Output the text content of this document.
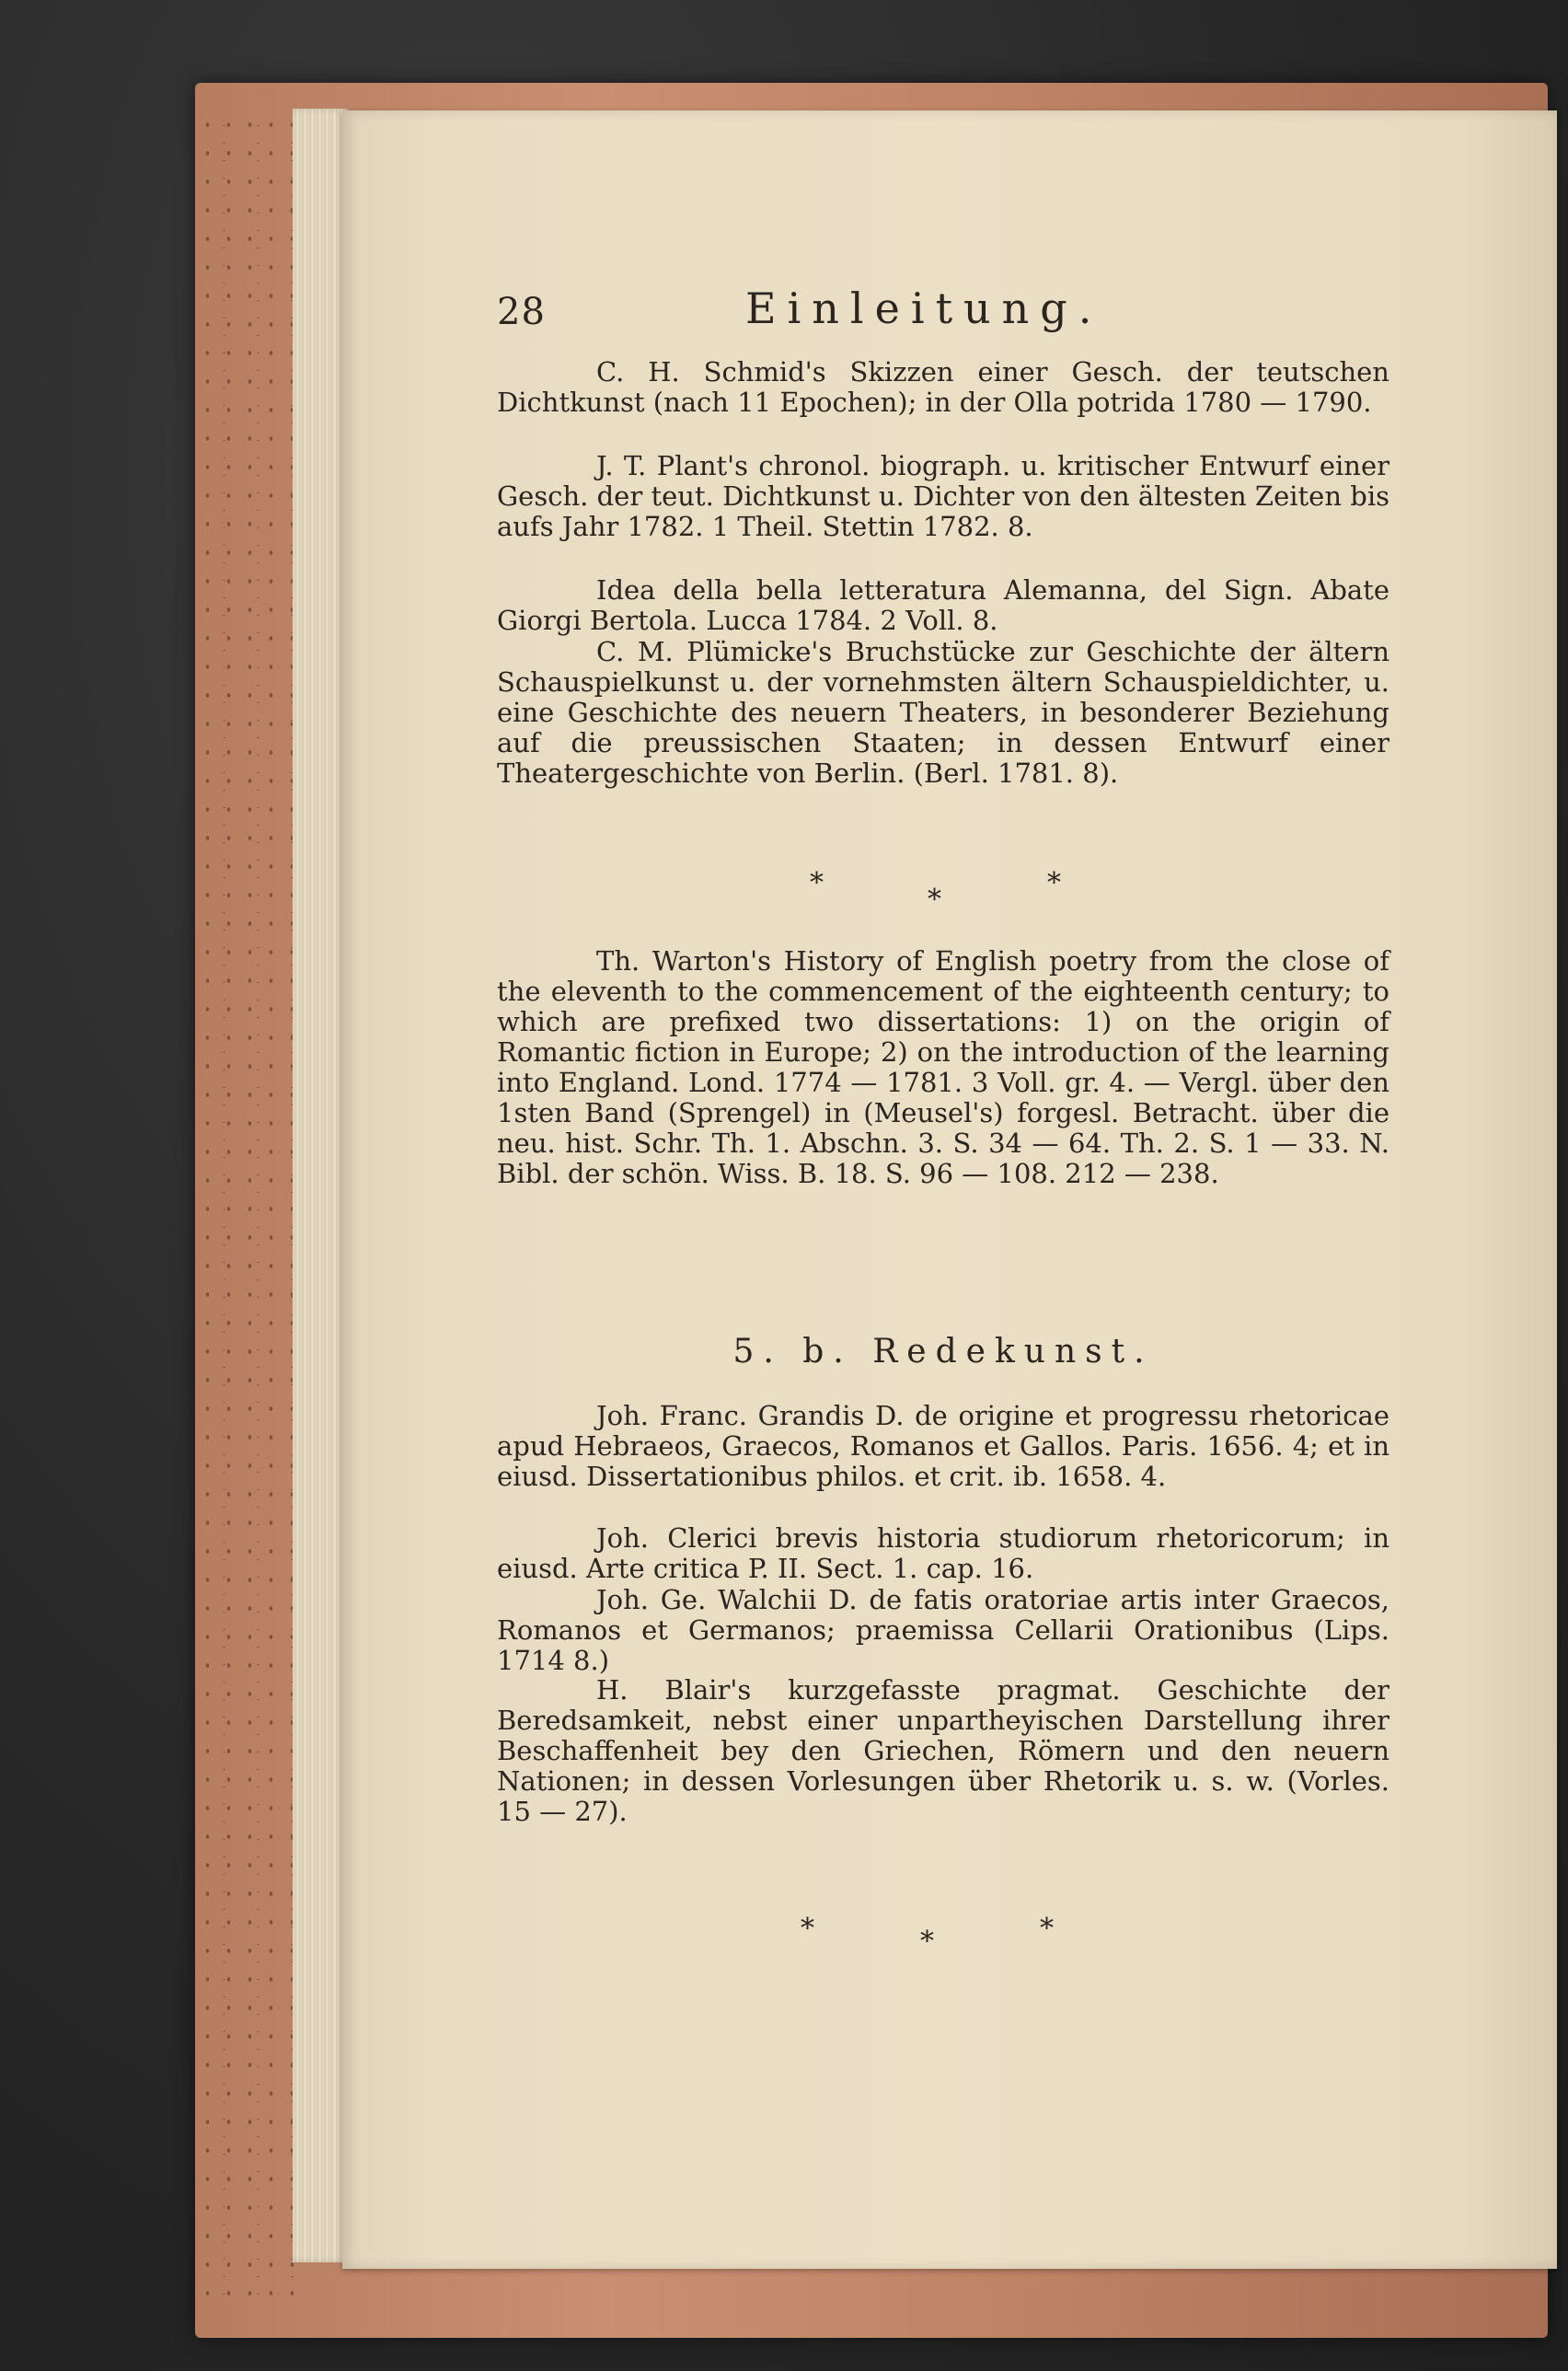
28	Einleitung.

C. H. Schmid's Skizzen einer Gesch. der teutschen Dichtkunst (nach 11 Epochen); in der Olla potrida 1780 — 1790.

J. T. Plant's chronol. biograph. u. kritischer Entwurf einer Gesch. der teut. Dichtkunst u. Dichter von den ältesten Zeiten bis aufs Jahr 1782. 1 Theil. Stettin 1782. 8.

Idea della bella letteratura Alemanna, del Sign. Abate Giorgi Bertola. Lucca 1784. 2 Voll. 8.

C. M. Plümicke's Bruchstücke zur Geschichte der ältern Schauspielkunst u. der vornehmsten ältern Schauspieldichter, u. eine Geschichte des neuern Theaters, in besonderer Beziehung auf die preussischen Staaten; in dessen Entwurf einer Theatergeschichte von Berlin. (Berl. 1781. 8).

*
*
*

Th. Warton's History of English poetry from the close of the eleventh to the commencement of the eighteenth century; to which are prefixed two dissertations: 1) on the origin of Romantic fiction in Europe; 2) on the introduction of the learning into England. Lond. 1774 — 1781. 3 Voll. gr. 4. — Vergl. über den 1sten Band (Sprengel) in (Meusel's) forgesl. Betracht. über die neu. hist. Schr. Th. 1. Abschn. 3. S. 34 — 64. Th. 2. S. 1 — 33. N. Bibl. der schön. Wiss. B. 18. S. 96 — 108. 212 — 238.

5. b. Redekunst.

Joh. Franc. Grandis D. de origine et progressu rhetoricae apud Hebraeos, Graecos, Romanos et Gallos. Paris. 1656. 4; et in eiusd. Dissertationibus philos. et crit. ib. 1658. 4.

Joh. Clerici brevis historia studiorum rhetoricorum; in eiusd. Arte critica P. II. Sect. 1. cap. 16.

Joh. Ge. Walchii D. de fatis oratoriae artis inter Graecos, Romanos et Germanos; praemissa Cellarii Orationibus (Lips. 1714 8.)

H. Blair's kurzgefasste pragmat. Geschichte der Beredsamkeit, nebst einer unpartheyischen Darstellung ihrer Beschaffenheit bey den Griechen, Römern und den neuern Nationen; in dessen Vorlesungen über Rhetorik u. s. w. (Vorles. 15 — 27).

*	*	*
